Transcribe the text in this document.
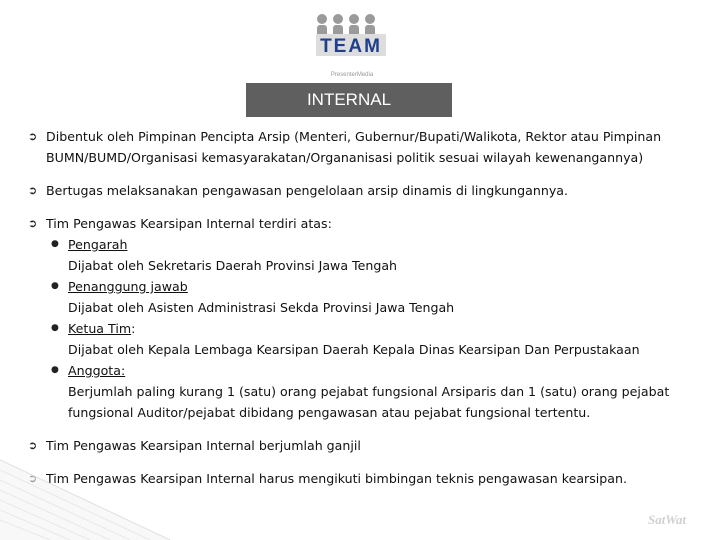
TEAM
PresenterMedia
INTERNAL
➲ Dibentuk oleh Pimpinan Pencipta Arsip (Menteri, Gubernur/Bupati/Walikota, Rektor atau Pimpinan BUMN/BUMD/Organisasi kemasyarakatan/Organanisasi politik sesuai wilayah kewenangannya)
➲ Bertugas melaksanakan pengawasan pengelolaan arsip dinamis di lingkungannya.
➲ Tim Pengawas Kearsipan Internal terdiri atas:
● Pengarah
Dijabat oleh Sekretaris Daerah Provinsi Jawa Tengah
● Penanggung jawab
Dijabat oleh Asisten Administrasi Sekda Provinsi Jawa Tengah
● Ketua Tim:
Dijabat oleh Kepala Lembaga Kearsipan Daerah Kepala Dinas Kearsipan Dan Perpustakaan
● Anggota:
Berjumlah paling kurang 1 (satu) orang pejabat fungsional Arsiparis dan 1 (satu) orang pejabat fungsional Auditor/pejabat dibidang pengawasan atau pejabat fungsional tertentu.
➲ Tim Pengawas Kearsipan Internal berjumlah ganjil
Tim Pengawas Kearsipan Internal harus mengikuti bimbingan teknis pengawasan kearsipan.
SatWat
